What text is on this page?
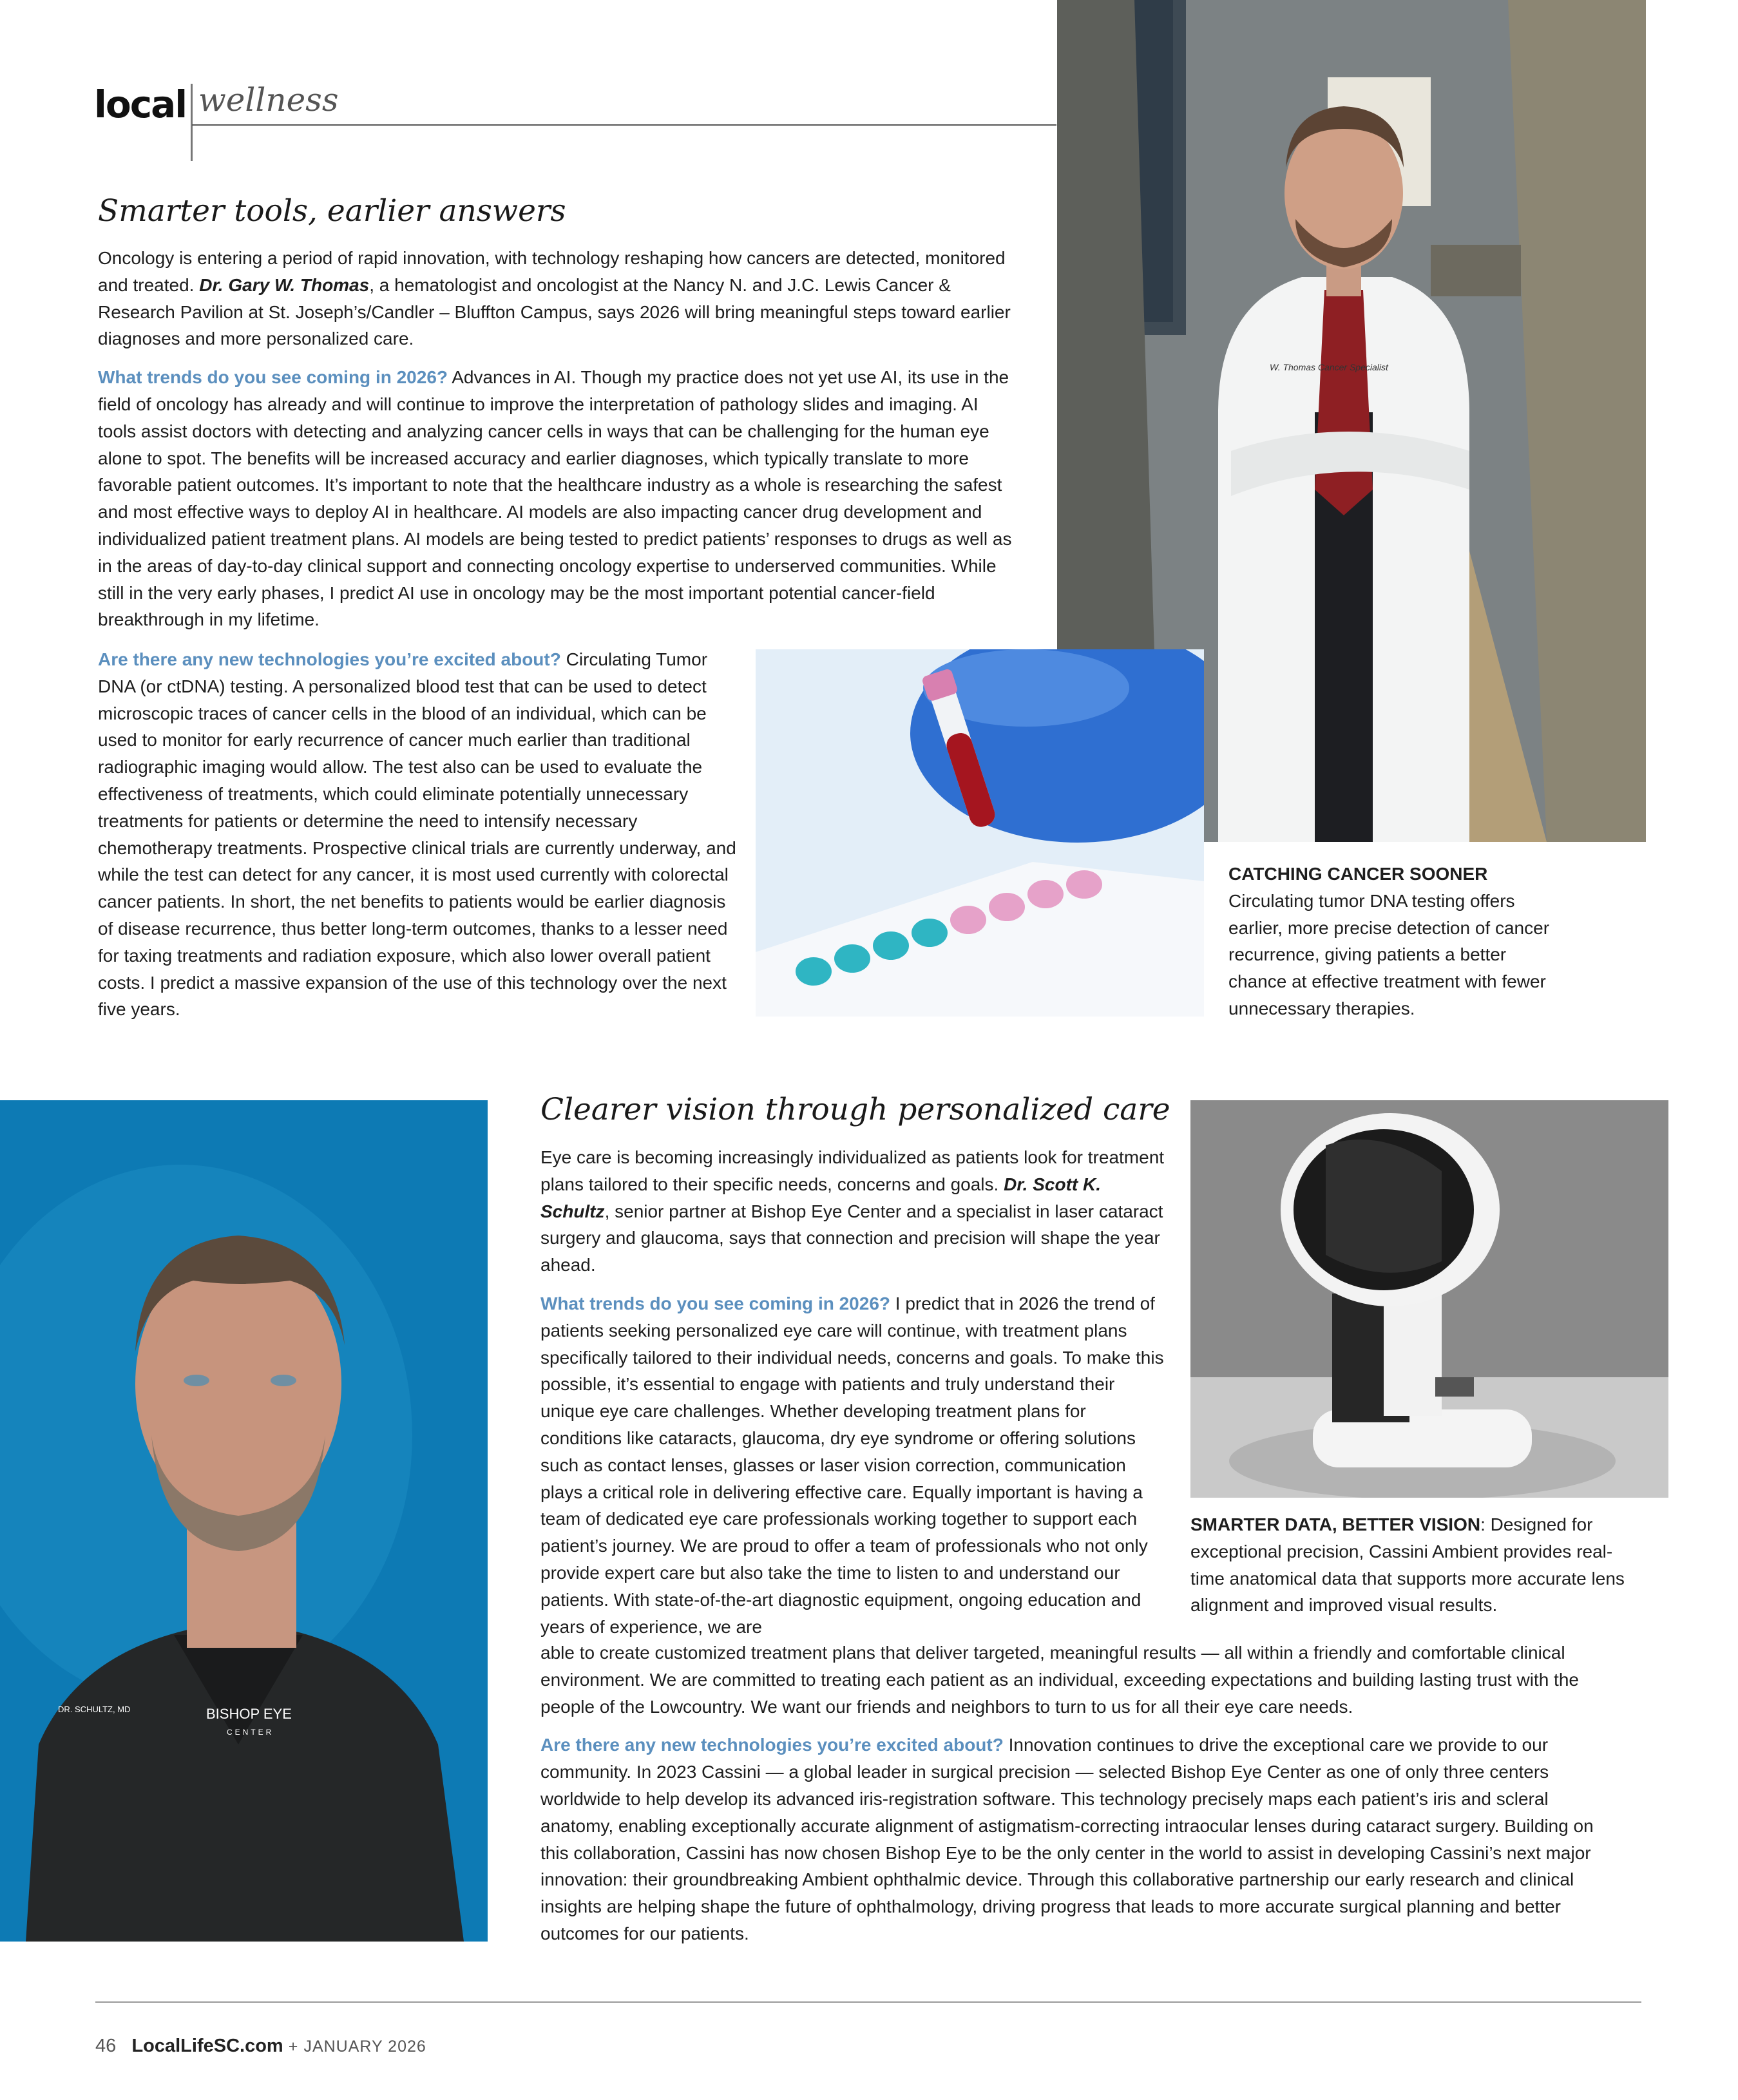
local wellness
Smarter tools, earlier answers

Oncology is entering a period of rapid innovation, with technology reshaping how cancers are detected, monitored and treated. Dr. Gary W. Thomas, a hematologist and oncologist at the Nancy N. and J.C. Lewis Cancer & Research Pavilion at St. Joseph’s/Candler – Bluffton Campus, says 2026 will bring meaningful steps toward earlier diagnoses and more personalized care.

What trends do you see coming in 2026? Advances in AI. Though my practice does not yet use AI, its use in the field of oncology has already and will continue to improve the interpretation of pathology slides and imaging. AI tools assist doctors with detecting and analyzing cancer cells in ways that can be challenging for the human eye alone to spot. The benefits will be increased accuracy and earlier diagnoses, which typically translate to more favorable patient outcomes. It’s important to note that the healthcare industry as a whole is researching the safest and most effective ways to deploy AI in healthcare. AI models are also impacting cancer drug development and individualized patient treatment plans. AI models are being tested to predict patients’ responses to drugs as well as in the areas of day-to-day clinical support and connecting oncology expertise to underserved communities. While still in the very early phases, I predict AI use in oncology may be the most important potential cancer-field breakthrough in my lifetime.

Are there any new technologies you’re excited about? Circulating Tumor DNA (or ctDNA) testing. A personalized blood test that can be used to detect microscopic traces of cancer cells in the blood of an individual, which can be used to monitor for early recurrence of cancer much earlier than traditional radiographic imaging would allow. The test also can be used to evaluate the effectiveness of treatments, which could eliminate potentially unnecessary treatments for patients or determine the need to intensify necessary chemotherapy treatments. Prospective clinical trials are currently underway, and while the test can detect for any cancer, it is most used currently with colorectal cancer patients. In short, the net benefits to patients would be earlier diagnosis of disease recurrence, thus better long-term outcomes, thanks to a lesser need for taxing treatments and radiation exposure, which also lower overall patient costs. I predict a massive expansion of the use of this technology over the next five years.

W. Thomas Cancer Specialist
CATCHING CANCER SOONER
Circulating tumor DNA testing offers earlier, more precise detection of cancer recurrence, giving patients a better chance at effective treatment with fewer unnecessary therapies.
BISHOP EYE
CENTER
DR. SCHULTZ, MD
Clearer vision through personalized care

Eye care is becoming increasingly individualized as patients look for treatment plans tailored to their specific needs, concerns and goals. Dr. Scott K. Schultz, senior partner at Bishop Eye Center and a specialist in laser cataract surgery and glaucoma, says that connection and precision will shape the year ahead.

What trends do you see coming in 2026? I predict that in 2026 the trend of patients seeking personalized eye care will continue, with treatment plans specifically tailored to their individual needs, concerns and goals. To make this possible, it’s essential to engage with patients and truly understand their unique eye care challenges. Whether developing treatment plans for conditions like cataracts, glaucoma, dry eye syndrome or offering solutions such as contact lenses, glasses or laser vision correction, communication plays a critical role in delivering effective care. Equally important is having a team of dedicated eye care professionals working together to support each patient’s journey. We are proud to offer a team of professionals who not only provide expert care but also take the time to listen to and understand our patients. With state-of-the-art diagnostic equipment, ongoing education and years of experience, we are

able to create customized treatment plans that deliver targeted, meaningful results — all within a friendly and comfortable clinical environment. We are committed to treating each patient as an individual, exceeding expectations and building lasting trust with the people of the Lowcountry. We want our friends and neighbors to turn to us for all their eye care needs.

Are there any new technologies you’re excited about? Innovation continues to drive the exceptional care we provide to our community. In 2023 Cassini — a global leader in surgical precision — selected Bishop Eye Center as one of only three centers worldwide to help develop its advanced iris-registration software. This technology precisely maps each patient’s iris and scleral anatomy, enabling exceptionally accurate alignment of astigmatism-correcting intraocular lenses during cataract surgery. Building on this collaboration, Cassini has now chosen Bishop Eye to be the only center in the world to assist in developing Cassini’s next major innovation: their groundbreaking Ambient ophthalmic device. Through this collaborative partnership our early research and clinical insights are helping shape the future of ophthalmology, driving progress that leads to more accurate surgical planning and better outcomes for our patients.

SMARTER DATA, BETTER VISION: Designed for exceptional precision, Cassini Ambient provides real-time anatomical data that supports more accurate lens alignment and improved visual results.
46 LocalLifeSC.com + JANUARY 2026
